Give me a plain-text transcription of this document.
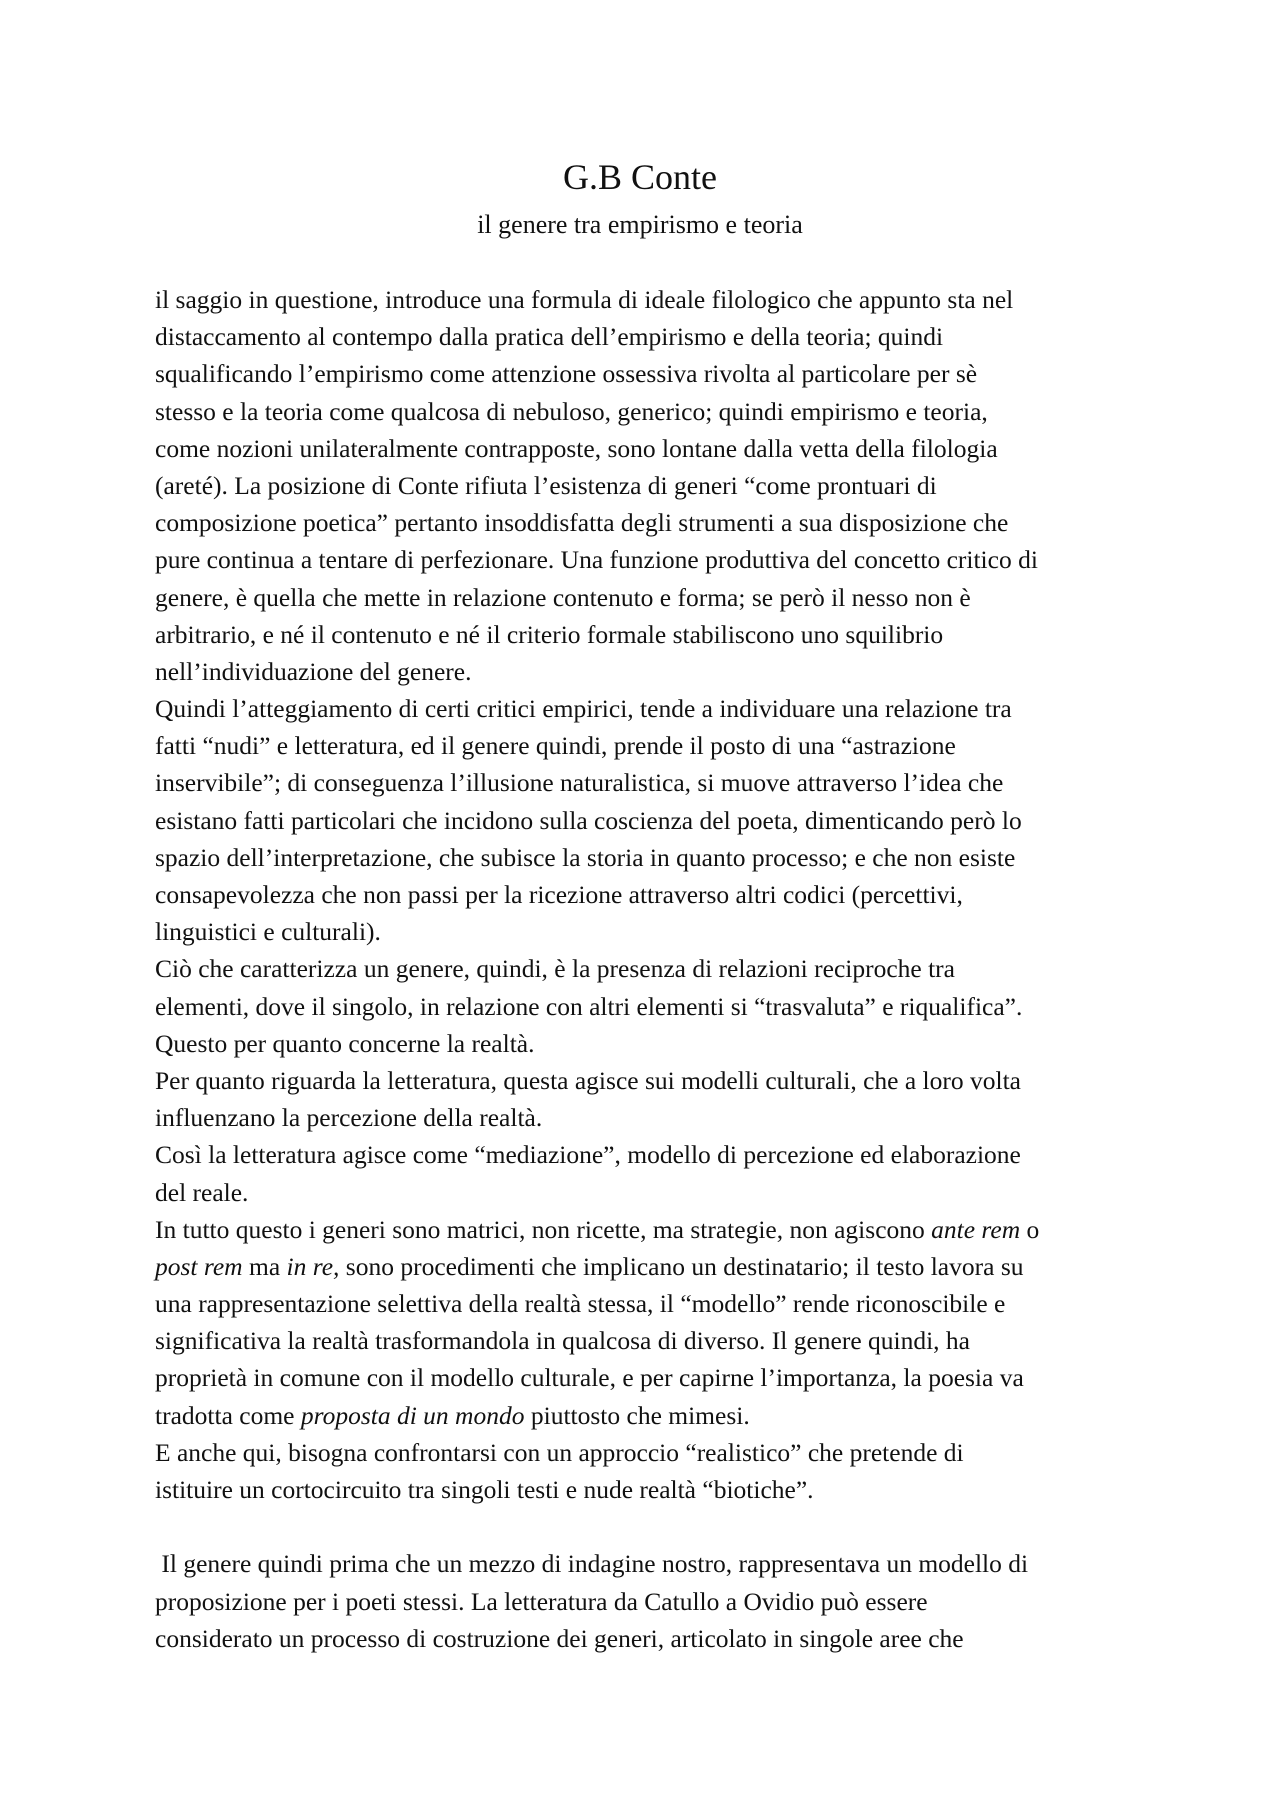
G.B Conte
il genere tra empirismo e teoria
il saggio in questione, introduce una formula di ideale filologico che appunto sta nel
distaccamento al contempo dalla pratica dell’empirismo e della teoria; quindi
squalificando l’empirismo come attenzione ossessiva rivolta al particolare per sè
stesso e la teoria come qualcosa di nebuloso, generico; quindi empirismo e teoria,
come nozioni unilateralmente contrapposte, sono lontane dalla vetta della filologia
(areté). La posizione di Conte rifiuta l’esistenza di generi “come prontuari di
composizione poetica” pertanto insoddisfatta degli strumenti a sua disposizione che
pure continua a tentare di perfezionare. Una funzione produttiva del concetto critico di
genere, è quella che mette in relazione contenuto e forma; se però il nesso non è
arbitrario, e né il contenuto e né il criterio formale stabiliscono uno squilibrio
nell’individuazione del genere.
Quindi l’atteggiamento di certi critici empirici, tende a individuare una relazione tra
fatti “nudi” e letteratura, ed il genere quindi, prende il posto di una “astrazione
inservibile”; di conseguenza l’illusione naturalistica, si muove attraverso l’idea che
esistano fatti particolari che incidono sulla coscienza del poeta, dimenticando però lo
spazio dell’interpretazione, che subisce la storia in quanto processo; e che non esiste
consapevolezza che non passi per la ricezione attraverso altri codici (percettivi,
linguistici e culturali).
Ciò che caratterizza un genere, quindi, è la presenza di relazioni reciproche tra
elementi, dove il singolo, in relazione con altri elementi si “trasvaluta” e riqualifica”.
Questo per quanto concerne la realtà.
Per quanto riguarda la letteratura, questa agisce sui modelli culturali, che a loro volta
influenzano la percezione della realtà.
Così la letteratura agisce come “mediazione”, modello di percezione ed elaborazione
del reale.
In tutto questo i generi sono matrici, non ricette, ma strategie, non agiscono ante rem o
post rem ma in re, sono procedimenti che implicano un destinatario; il testo lavora su
una rappresentazione selettiva della realtà stessa, il “modello” rende riconoscibile e
significativa la realtà trasformandola in qualcosa di diverso. Il genere quindi, ha
proprietà in comune con il modello culturale, e per capirne l’importanza, la poesia va
tradotta come proposta di un mondo piuttosto che mimesi.
E anche qui, bisogna confrontarsi con un approccio “realistico” che pretende di
istituire un cortocircuito tra singoli testi e nude realtà “biotiche”.
Il genere quindi prima che un mezzo di indagine nostro, rappresentava un modello di
proposizione per i poeti stessi. La letteratura da Catullo a Ovidio può essere
considerato un processo di costruzione dei generi, articolato in singole aree che
